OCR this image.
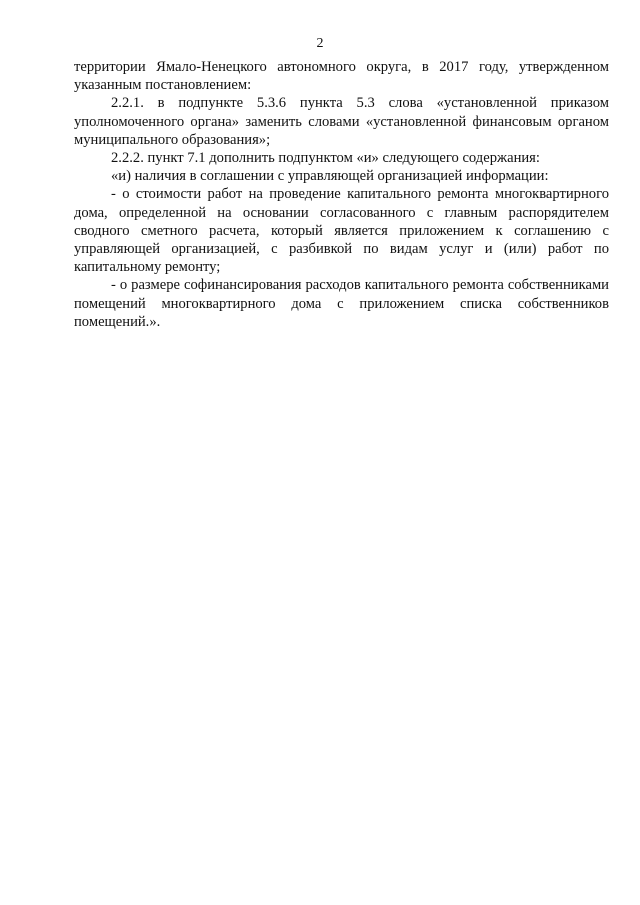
2

территории Ямало-Ненецкого автономного округа, в 2017 году, утвержденном указанным постановлением:

2.2.1. в подпункте 5.3.6 пункта 5.3 слова «установленной приказом уполномоченного органа» заменить словами «установленной финансовым органом муниципального образования»;

2.2.2. пункт 7.1 дополнить подпунктом «и» следующего содержания:

«и) наличия в соглашении с управляющей организацией информации:

- о стоимости работ на проведение капитального ремонта многоквартирного дома, определенной на основании согласованного с главным распорядителем сводного сметного расчета, который является приложением к соглашению с управляющей организацией, с разбивкой по видам услуг и (или) работ по капитальному ремонту;

- о размере софинансирования расходов капитального ремонта собственниками помещений многоквартирного дома с приложением списка собственников помещений.».
